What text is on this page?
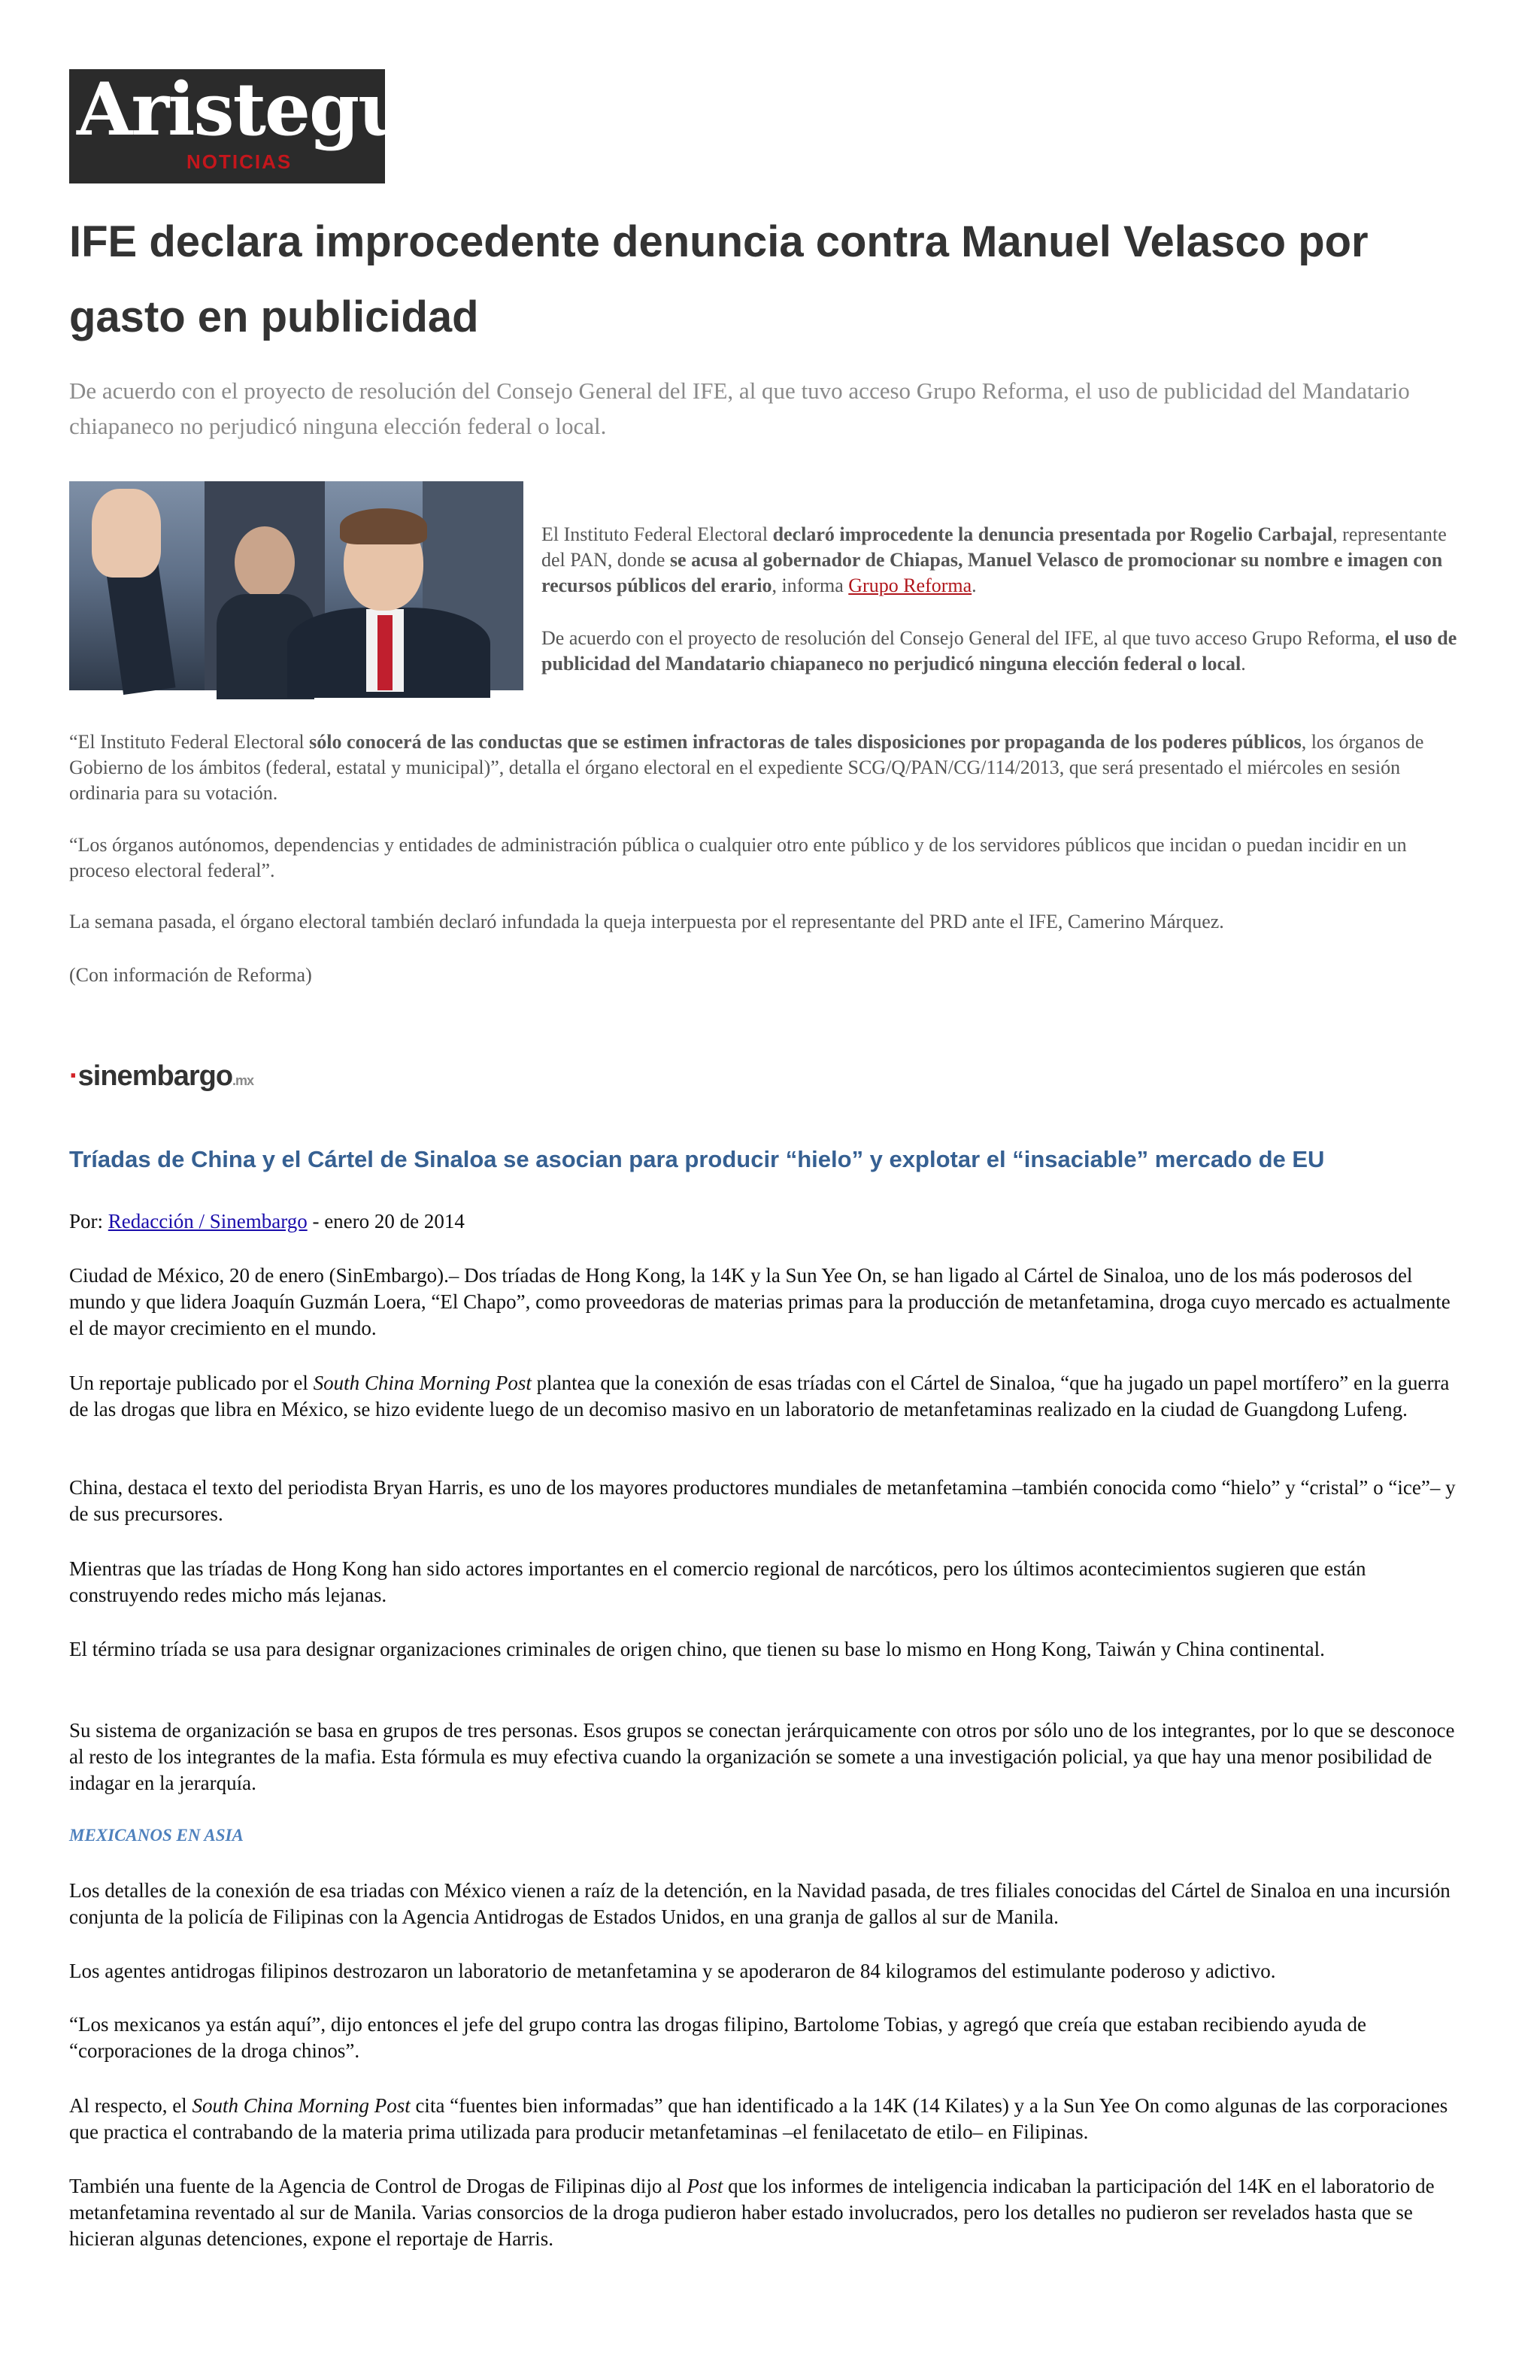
Aristegui
NOTICIAS
IFE declara improcedente denuncia contra Manuel Velasco por gasto en publicidad

De acuerdo con el proyecto de resolución del Consejo General del IFE, al que tuvo acceso Grupo Reforma, el uso de publicidad del Mandatario chiapaneco no perjudicó ninguna elección federal o local.

El Instituto Federal Electoral declaró improcedente la denuncia presentada por Rogelio Carbajal, representante del PAN, donde se acusa al gobernador de Chiapas, Manuel Velasco de promocionar su nombre e imagen con recursos públicos del erario, informa Grupo Reforma.

De acuerdo con el proyecto de resolución del Consejo General del IFE, al que tuvo acceso Grupo Reforma, el uso de publicidad del Mandatario chiapaneco no perjudicó ninguna elección federal o local.

“El Instituto Federal Electoral sólo conocerá de las conductas que se estimen infractoras de tales disposiciones por propaganda de los poderes públicos, los órganos de Gobierno de los ámbitos (federal, estatal y municipal)”, detalla el órgano electoral en el expediente SCG/Q/PAN/CG/114/2013, que será presentado el miércoles en sesión ordinaria para su votación.

“Los órganos autónomos, dependencias y entidades de administración pública o cualquier otro ente público y de los servidores públicos que incidan o puedan incidir en un proceso electoral federal”.

La semana pasada, el órgano electoral también declaró infundada la queja interpuesta por el representante del PRD ante el IFE, Camerino Márquez.

(Con información de Reforma)

·sinembargo.mx
Tríadas de China y el Cártel de Sinaloa se asocian para producir “hielo” y explotar el “insaciable” mercado de EU

Por: Redacción / Sinembargo - enero 20 de 2014

Ciudad de México, 20 de enero (SinEmbargo).– Dos tríadas de Hong Kong, la 14K y la Sun Yee On, se han ligado al Cártel de Sinaloa, uno de los más poderosos del mundo y que lidera Joaquín Guzmán Loera, “El Chapo”, como proveedoras de materias primas para la producción de metanfetamina, droga cuyo mercado es actualmente el de mayor crecimiento en el mundo.

Un reportaje publicado por el South China Morning Post plantea que la conexión de esas tríadas con el Cártel de Sinaloa, “que ha jugado un papel mortífero” en la guerra de las drogas que libra en México, se hizo evidente luego de un decomiso masivo en un laboratorio de metanfetaminas realizado en la ciudad de Guangdong Lufeng.

China, destaca el texto del periodista Bryan Harris, es uno de los mayores productores mundiales de metanfetamina –también conocida como “hielo” y “cristal” o “ice”– y de sus precursores.

Mientras que las tríadas de Hong Kong han sido actores importantes en el comercio regional de narcóticos, pero los últimos acontecimientos sugieren que están construyendo redes micho más lejanas.

El término tríada se usa para designar organizaciones criminales de origen chino, que tienen su base lo mismo en Hong Kong, Taiwán y China continental.

Su sistema de organización se basa en grupos de tres personas. Esos grupos se conectan jerárquicamente con otros por sólo uno de los integrantes, por lo que se desconoce al resto de los integrantes de la mafia. Esta fórmula es muy efectiva cuando la organización se somete a una investigación policial, ya que hay una menor posibilidad de indagar en la jerarquía.

MEXICANOS EN ASIA

Los detalles de la conexión de esa triadas con México vienen a raíz de la detención, en la Navidad pasada, de tres filiales conocidas del Cártel de Sinaloa en una incursión conjunta de la policía de Filipinas con la Agencia Antidrogas de Estados Unidos, en una granja de gallos al sur de Manila.

Los agentes antidrogas filipinos destrozaron un laboratorio de metanfetamina y se apoderaron de 84 kilogramos del estimulante poderoso y adictivo.

“Los mexicanos ya están aquí”, dijo entonces el jefe del grupo contra las drogas filipino, Bartolome Tobias, y agregó que creía que estaban recibiendo ayuda de “corporaciones de la droga chinos”.

Al respecto, el South China Morning Post cita “fuentes bien informadas” que han identificado a la 14K (14 Kilates) y a la Sun Yee On como algunas de las corporaciones que practica el contrabando de la materia prima utilizada para producir metanfetaminas –el fenilacetato de etilo– en Filipinas.

También una fuente de la Agencia de Control de Drogas de Filipinas dijo al Post que los informes de inteligencia indicaban la participación del 14K en el laboratorio de metanfetamina reventado al sur de Manila. Varias consorcios de la droga pudieron haber estado involucrados, pero los detalles no pudieron ser revelados hasta que se hicieran algunas detenciones, expone el reportaje de Harris.
